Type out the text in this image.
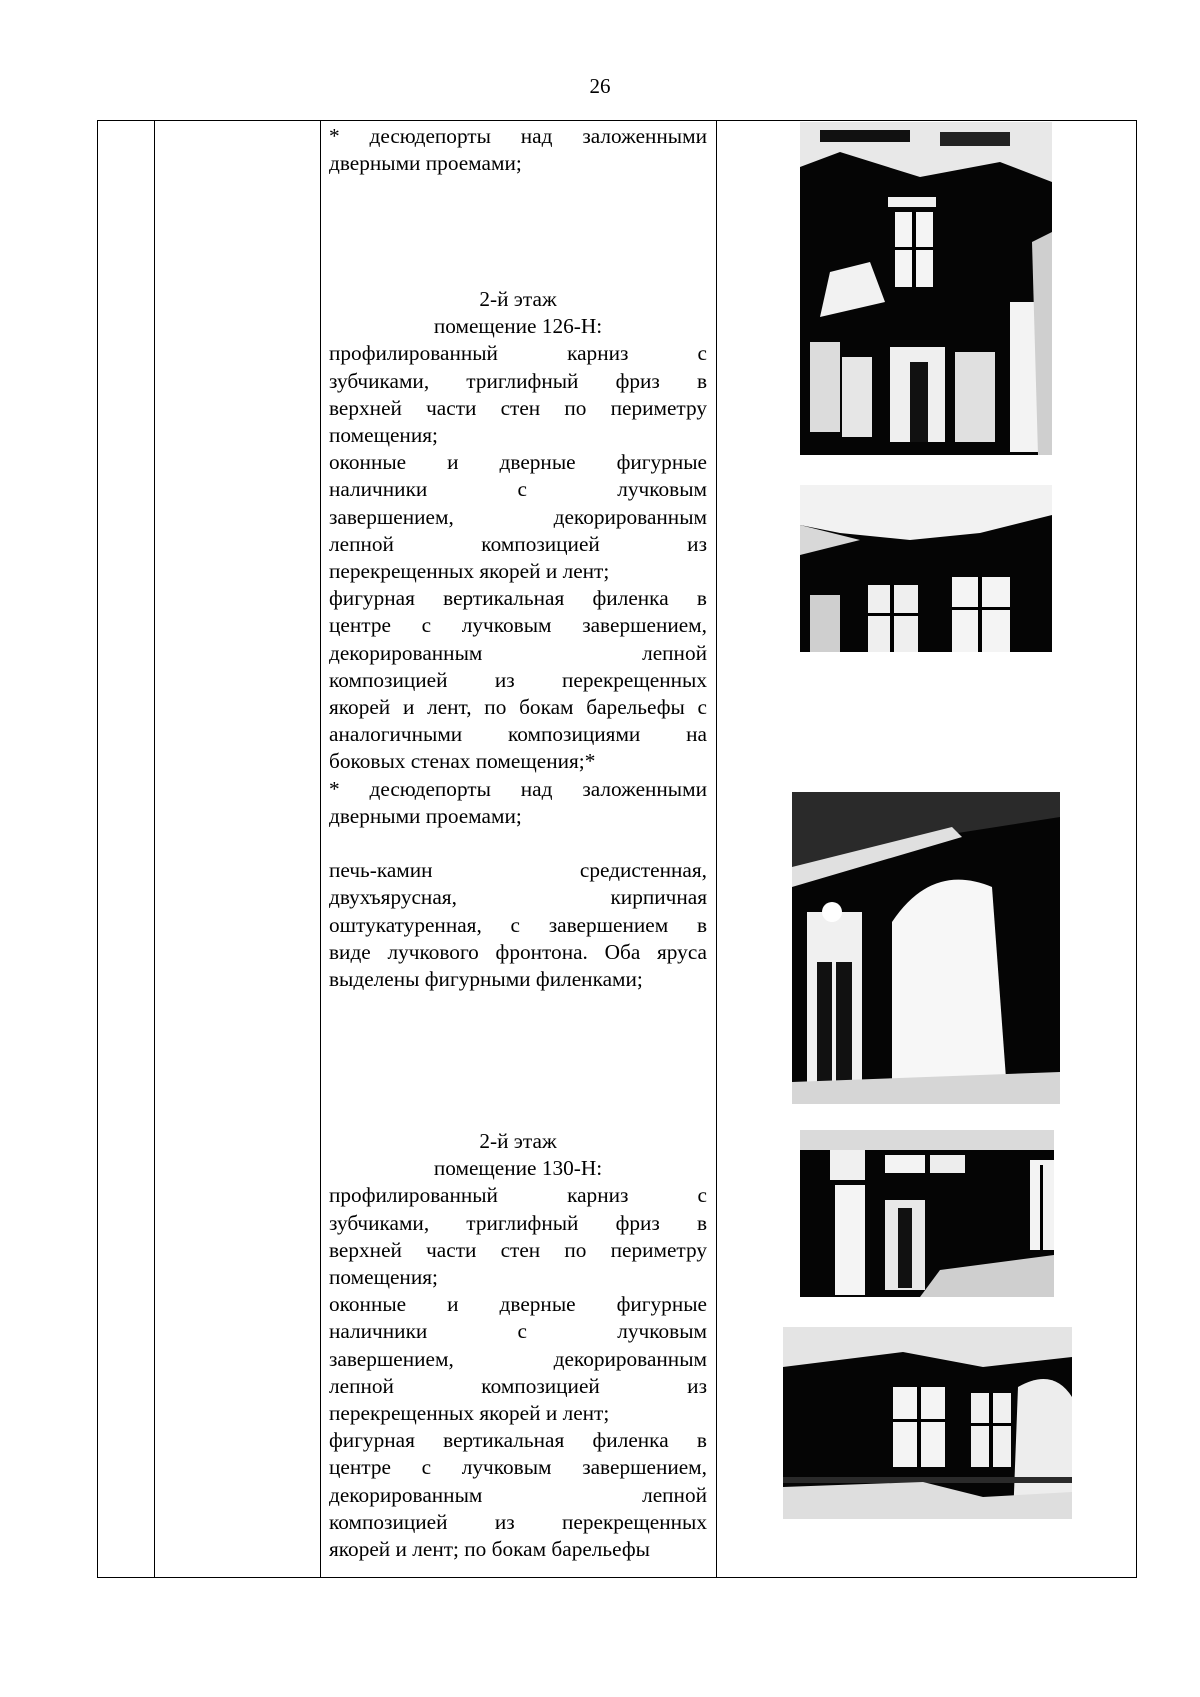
26

* десюдепорты над заложенными

дверными проемами;

2-й этаж

помещение 126-Н:

профилированный карниз с

зубчиками, триглифный фриз в

верхней части стен по периметру

помещения;

оконные и дверные фигурные

наличники с лучковым

завершением, декорированным

лепной композицией из

перекрещенных якорей и лент;

фигурная вертикальная филенка в

центре с лучковым завершением,

декорированным лепной

композицией из перекрещенных

якорей и лент, по бокам барельефы с

аналогичными композициями на

боковых стенах помещения;*

* десюдепорты над заложенными

дверными проемами;

печь-камин средистенная,

двухъярусная, кирпичная

оштукатуренная, с завершением в

виде лучкового фронтона. Оба яруса

выделены фигурными филенками;

2-й этаж

помещение 130-Н:

профилированный карниз с

зубчиками, триглифный фриз в

верхней части стен по периметру

помещения;

оконные и дверные фигурные

наличники с лучковым

завершением, декорированным

лепной композицией из

перекрещенных якорей и лент;

фигурная вертикальная филенка в

центре с лучковым завершением,

декорированным лепной

композицией из перекрещенных

якорей и лент; по бокам барельефы
